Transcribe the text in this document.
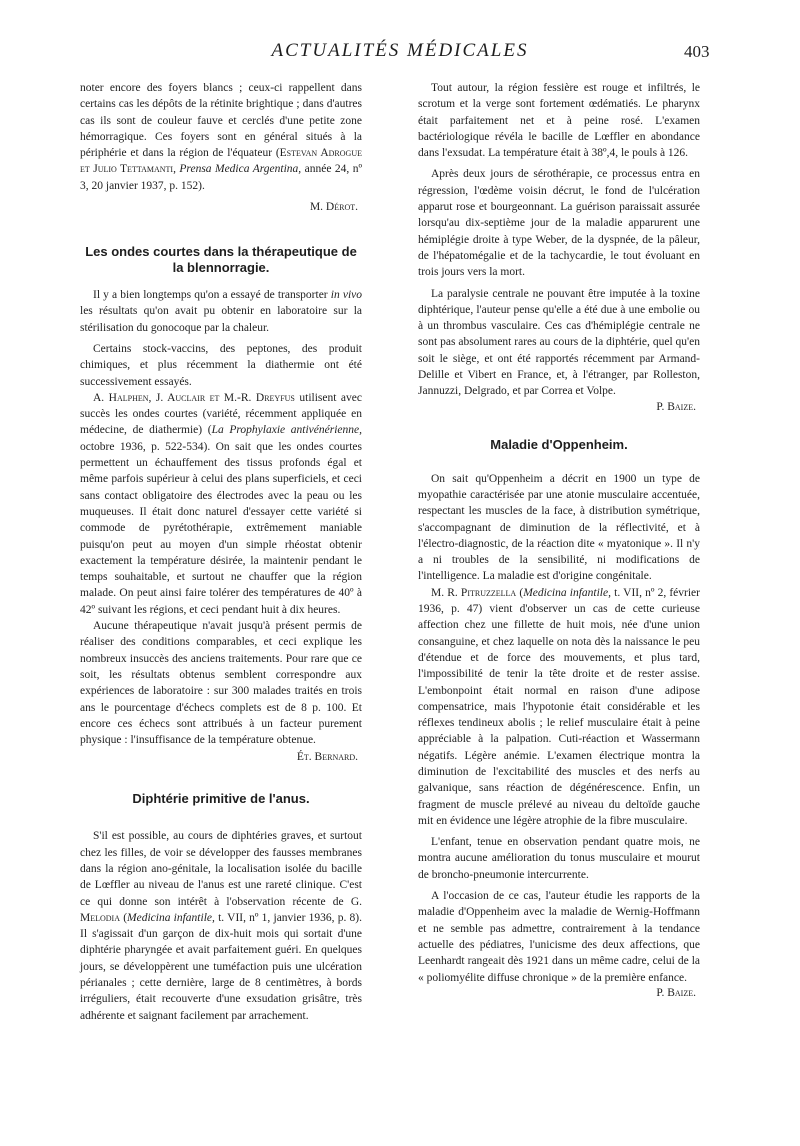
ACTUALITÉS MÉDICALES	403

noter encore des foyers blancs ; ceux-ci rappellent dans certains cas les dépôts de la rétinite brightique ; dans d'autres cas ils sont de couleur fauve et cerclés d'une petite zone hémorragique. Ces foyers sont en général situés à la périphérie et dans la région de l'équateur (Estevan Adrogue et Julio Tettamanti, Prensa Medica Argentina, année 24, nº 3, 20 janvier 1937, p. 152).

M. Dérot.
Les ondes courtes dans la thérapeutique de la blennorragie.

Il y a bien longtemps qu'on a essayé de transporter in vivo les résultats qu'on avait pu obtenir en laboratoire sur la stérilisation du gonocoque par la chaleur.

Certains stock-vaccins, des peptones, des produit chimiques, et plus récemment la diathermie ont été successivement essayés.

A. Halphen, J. Auclair et M.-R. Dreyfus utilisent avec succès les ondes courtes (variété, récemment appliquée en médecine, de diathermie) (La Prophylaxie antivénérienne, octobre 1936, p. 522-534). On sait que les ondes courtes permettent un échauffement des tissus profonds égal et même parfois supérieur à celui des plans superficiels, et ceci sans contact obligatoire des électrodes avec la peau ou les muqueuses. Il était donc naturel d'essayer cette variété si commode de pyrétothérapie, extrêmement maniable puisqu'on peut au moyen d'un simple rhéostat obtenir exactement la température désirée, la maintenir pendant le temps souhaitable, et surtout ne chauffer que la région malade. On peut ainsi faire tolérer des températures de 40º à 42º suivant les régions, et ceci pendant huit à dix heures.

Aucune thérapeutique n'avait jusqu'à présent permis de réaliser des conditions comparables, et ceci explique les nombreux insuccès des anciens traitements. Pour rare que ce soit, les résultats obtenus semblent correspondre aux expériences de laboratoire : sur 300 malades traités en trois ans le pourcentage d'échecs complets est de 8 p. 100. Et encore ces échecs sont attribués à un facteur purement physique : l'insuffisance de la température obtenue.

Ét. Bernard.
Diphtérie primitive de l'anus.

S'il est possible, au cours de diphtéries graves, et surtout chez les filles, de voir se développer des fausses membranes dans la région ano-génitale, la localisation isolée du bacille de Lœffler au niveau de l'anus est une rareté clinique. C'est ce qui donne son intérêt à l'observation récente de G. Melodia (Medicina infantile, t. VII, nº 1, janvier 1936, p. 8). Il s'agissait d'un garçon de dix-huit mois qui sortait d'une diphtérie pharyngée et avait parfaitement guéri. En quelques jours, se développèrent une tuméfaction puis une ulcération périanales ; cette dernière, large de 8 centimètres, à bords irréguliers, était recouverte d'une exsudation grisâtre, très adhérente et saignant facilement par arrachement.

Tout autour, la région fessière est rouge et infiltrés, le scrotum et la verge sont fortement œdématiés. Le pharynx était parfaitement net et à peine rosé. L'examen bactériologique révéla le bacille de Lœffler en abondance dans l'exsudat. La température était à 38º,4, le pouls à 126.

Après deux jours de sérothérapie, ce processus entra en régression, l'œdème voisin décrut, le fond de l'ulcération apparut rose et bourgeonnant. La guérison paraissait assurée lorsqu'au dix-septième jour de la maladie apparurent une hémiplégie droite à type Weber, de la dyspnée, de la pâleur, de l'hépatomégalie et de la tachycardie, le tout évoluant en trois jours vers la mort.

La paralysie centrale ne pouvant être imputée à la toxine diphtérique, l'auteur pense qu'elle a été due à une embolie ou à un thrombus vasculaire. Ces cas d'hémiplégie centrale ne sont pas absolument rares au cours de la diphtérie, quel qu'en soit le siège, et ont été rapportés récemment par Armand-Delille et Vibert en France, et, à l'étranger, par Rolleston, Jannuzzi, Delgrado, et par Correa et Volpe.

P. Baize.
Maladie d'Oppenheim.

On sait qu'Oppenheim a décrit en 1900 un type de myopathie caractérisée par une atonie musculaire accentuée, respectant les muscles de la face, à distribution symétrique, s'accompagnant de diminution de la réflectivité, et à l'électro-diagnostic, de la réaction dite « myatonique ». Il n'y a ni troubles de la sensibilité, ni modifications de l'intelligence. La maladie est d'origine congénitale.

M. R. Pitruzzella (Medicina infantile, t. VII, nº 2, février 1936, p. 47) vient d'observer un cas de cette curieuse affection chez une fillette de huit mois, née d'une union consanguine, et chez laquelle on nota dès la naissance le peu d'étendue et de force des mouvements, et plus tard, l'impossibilité de tenir la tête droite et de rester assise. L'embonpoint était normal en raison d'une adipose compensatrice, mais l'hypotonie était considérable et les réflexes tendineux abolis ; le relief musculaire était à peine appréciable à la palpation. Cuti-réaction et Wassermann négatifs. Légère anémie. L'examen électrique montra la diminution de l'excitabilité des muscles et des nerfs au galvanique, sans réaction de dégénérescence. Enfin, un fragment de muscle prélevé au niveau du deltoïde gauche mit en évidence une légère atrophie de la fibre musculaire.

L'enfant, tenue en observation pendant quatre mois, ne montra aucune amélioration du tonus musculaire et mourut de broncho-pneumonie intercurrente.

A l'occasion de ce cas, l'auteur étudie les rapports de la maladie d'Oppenheim avec la maladie de Wernig-Hoffmann et ne semble pas admettre, contrairement à la tendance actuelle des pédiatres, l'unicisme des deux affections, que Leenhardt rangeait dès 1921 dans un même cadre, celui de la « poliomyélite diffuse chronique » de la première enfance.

P. Baize.
